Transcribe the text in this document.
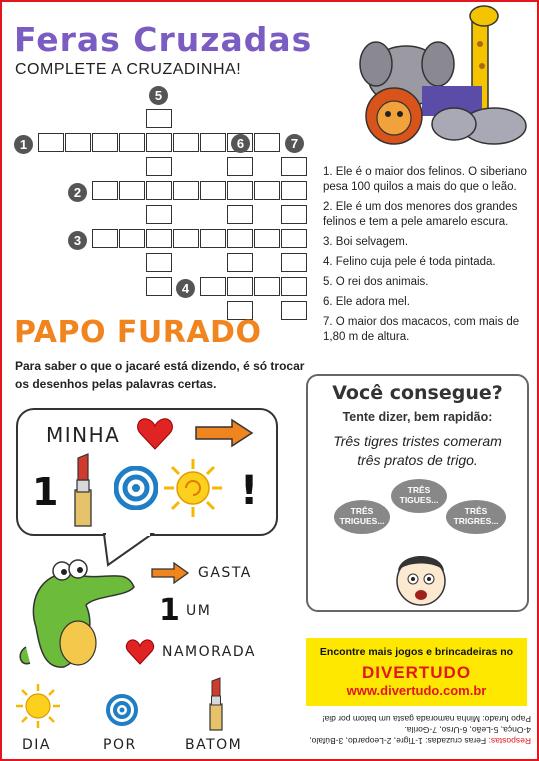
Feras Cruzadas
COMPLETE A CRUZADINHA!
1
2
3
4
5
6	7

1. Ele é o maior dos felinos. O siberiano pesa 100 quilos a mais do que o leão.

2. Ele é um dos menores dos grandes felinos e tem a pele amarelo escura.

3. Boi selvagem.

4. Felino cuja pele é toda pintada.

5. O rei dos animais.

6. Ele adora mel.

7. O maior dos macacos, com mais de 1,80 m de altura.

PAPO FURADO
Para saber o que o jacaré está dizendo, é só trocar os desenhos pelas palavras certas.
MINHA
1	!
GASTA
1 UM
NAMORADA
DIA	POR	BATOM
Você consegue?
Tente dizer, bem rapidão:
Três tigres tristes comeram
três pratos de trigo.
TRÊS TRIGUES...
TRÊS TIGUES...
TRÊS TRIGRES...
Encontre mais jogos e brincadeiras no
DIVERTUDO
www.divertudo.com.br
Respostas: Feras cruzadas: 1-Tigre, 2-Leopardo, 3-Búfalo, 4-Onça, 5-Leão, 6-Urso, 7-Gorila.
Papo furado: Minha namorada gasta um batom por dia!
